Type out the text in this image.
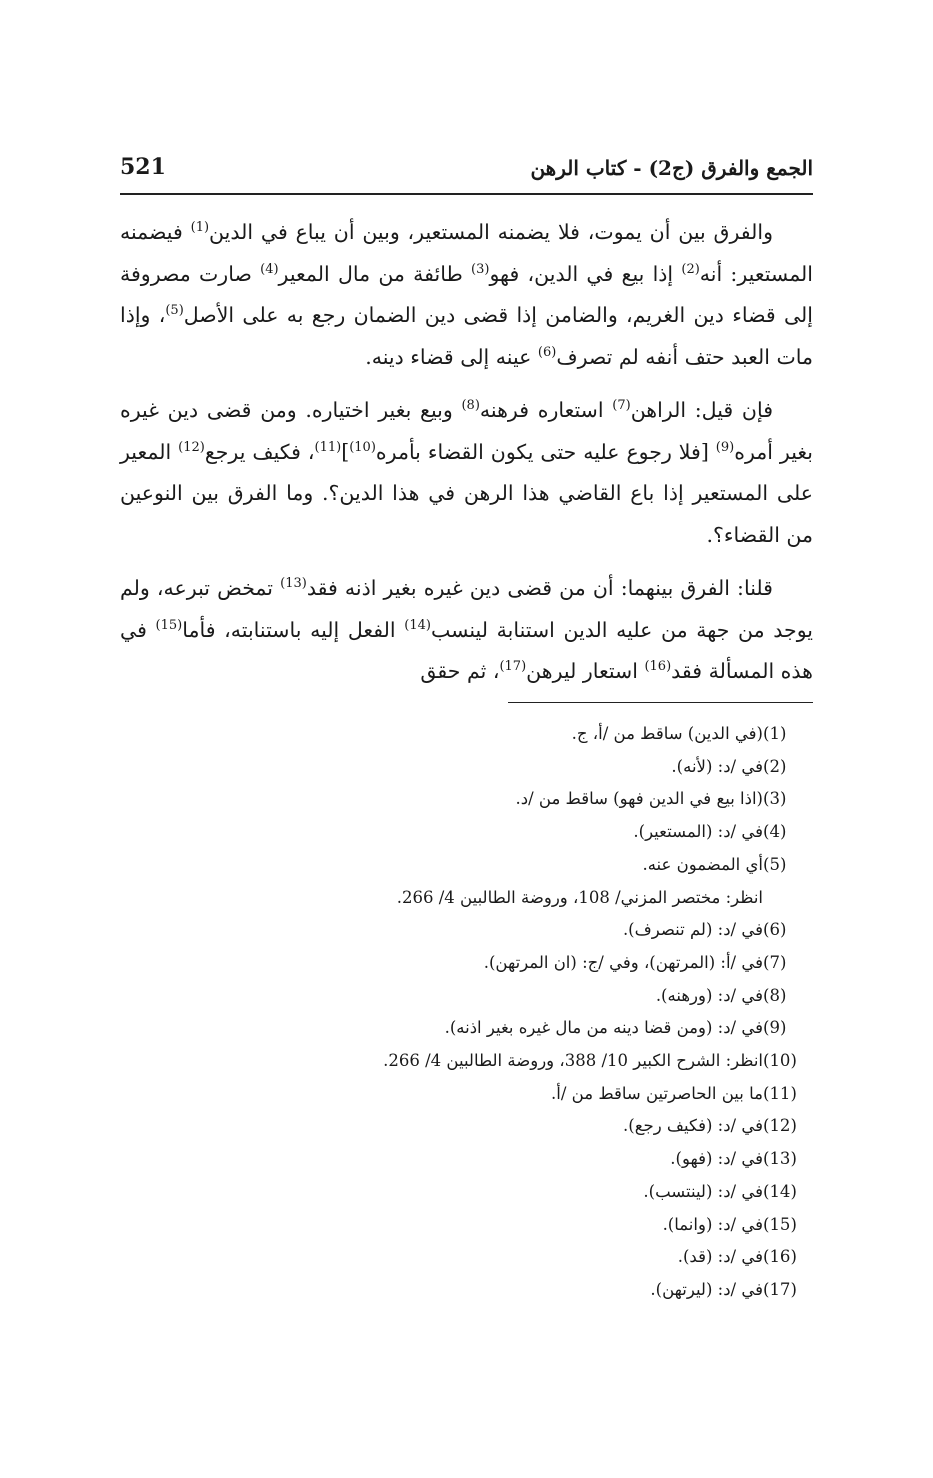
الجمع والفرق (ج2) - كتاب الرهن
521

والفرق بين أن يموت، فلا يضمنه المستعير، وبين أن يباع في الدين$^{(1)}$ فيضمنه المستعير: أنه$^{(2)}$ إذا بيع في الدين، فهو$^{(3)}$ طائفة من مال المعير$^{(4)}$ صارت مصروفة إلى قضاء دين الغريم، والضامن إذا قضى دين الضمان رجع به على الأصل$^{(5)}$، وإذا مات العبد حتف أنفه لم تصرف$^{(6)}$ عينه إلى قضاء دينه.

فإن قيل: الراهن$^{(7)}$ استعاره فرهنه$^{(8)}$ وبيع بغير اختياره. ومن قضى دين غيره بغير أمره$^{(9)}$ [فلا رجوع عليه حتى يكون القضاء بأمره$^{(10)}$]$^{(11)}$، فكيف يرجع$^{(12)}$ المعير على المستعير إذا باع القاضي هذا الرهن في هذا الدين؟. وما الفرق بين النوعين من القضاء؟.

قلنا: الفرق بينهما: أن من قضى دين غيره بغير اذنه فقد$^{(13)}$ تمخض تبرعه، ولم يوجد من جهة من عليه الدين استنابة لينسب$^{(14)}$ الفعل إليه باستنابته، فأما$^{(15)}$ في هذه المسألة فقد$^{(16)}$ استعار ليرهن$^{(17)}$، ثم حقق

( 1 )
(في الدين) ساقط من /أ، ج.
( 2 )
في /د: (لأنه).
( 3 )
(اذا بيع في الدين فهو) ساقط من /د.
( 4 )
في /د: (المستعير).
( 5 )
أي المضمون عنه.
انظر: مختصر المزني/ 108، وروضة الطالبين 4/ 266.
( 6 )
في /د: (لم تنصرف).
( 7 )
في /أ: (المرتهن)، وفي /ج: (ان المرتهن).
( 8 )
في /د: (ورهنه).
( 9 )
في /د: (ومن قضا دينه من مال غيره بغير اذنه).
( 10 )
انظر: الشرح الكبير 10/ 388، وروضة الطالبين 4/ 266.
( 11 )
ما بين الحاصرتين ساقط من /أ.
( 12 )
في /د: (فكيف رجع).
( 13 )
في /د: (فهو).
( 14 )
في /د: (لينتسب).
( 15 )
في /د: (وانما).
( 16 )
في /د: (قد).
( 17 )
في /د: (ليرتهن).
